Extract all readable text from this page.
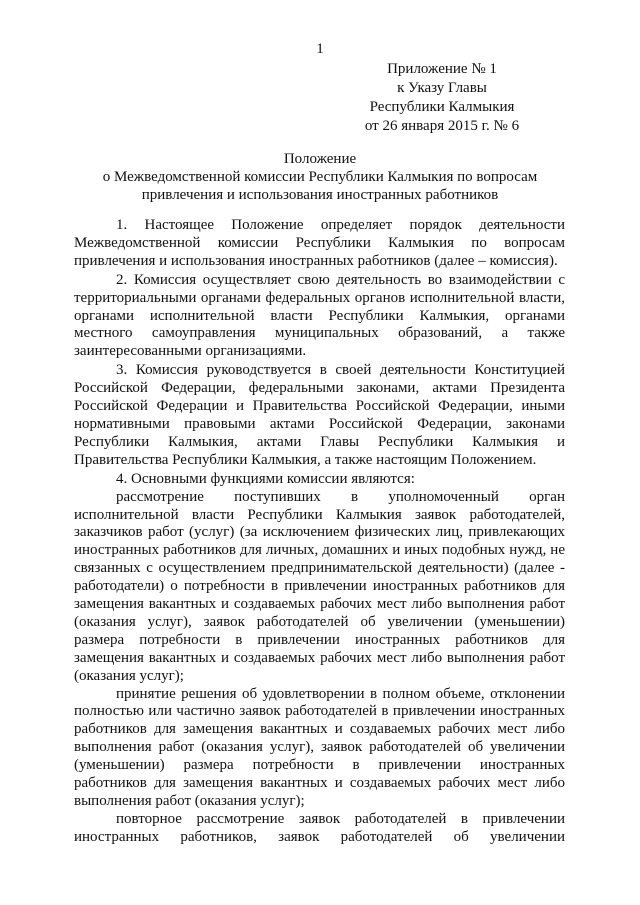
1
Приложение № 1
к Указу Главы
Республики Калмыкия
от 26 января 2015 г. № 6
Положение
о Межведомственной комиссии Республики Калмыкия по вопросам
привлечения и использования иностранных работников

1. Настоящее Положение определяет порядок деятельности Межведомственной комиссии Республики Калмыкия по вопросам привлечения и использования иностранных работников (далее – комиссия).

2. Комиссия осуществляет свою деятельность во взаимодействии с территориальными органами федеральных органов исполнительной власти, органами исполнительной власти Республики Калмыкия, органами местного самоуправления муниципальных образований, а также заинтересованными организациями.

3. Комиссия руководствуется в своей деятельности Конституцией Российской Федерации, федеральными законами, актами Президента Российской Федерации и Правительства Российской Федерации, иными нормативными правовыми актами Российской Федерации, законами Республики Калмыкия, актами Главы Республики Калмыкия и Правительства Республики Калмыкия, а также настоящим Положением.

4. Основными функциями комиссии являются:

рассмотрение поступивших в уполномоченный орган исполнительной власти Республики Калмыкия заявок работодателей, заказчиков работ (услуг) (за исключением физических лиц, привлекающих иностранных работников для личных, домашних и иных подобных нужд, не связанных с осуществлением предпринимательской деятельности) (далее - работодатели) о потребности в привлечении иностранных работников для замещения вакантных и создаваемых рабочих мест либо выполнения работ (оказания услуг), заявок работодателей об увеличении (уменьшении) размера потребности в привлечении иностранных работников для замещения вакантных и создаваемых рабочих мест либо выполнения работ (оказания услуг);

принятие решения об удовлетворении в полном объеме, отклонении полностью или частично заявок работодателей в привлечении иностранных работников для замещения вакантных и создаваемых рабочих мест либо выполнения работ (оказания услуг), заявок работодателей об увеличении (уменьшении) размера потребности в привлечении иностранных работников для замещения вакантных и создаваемых рабочих мест либо выполнения работ (оказания услуг);

повторное рассмотрение заявок работодателей в привлечении иностранных работников, заявок работодателей об увеличении
